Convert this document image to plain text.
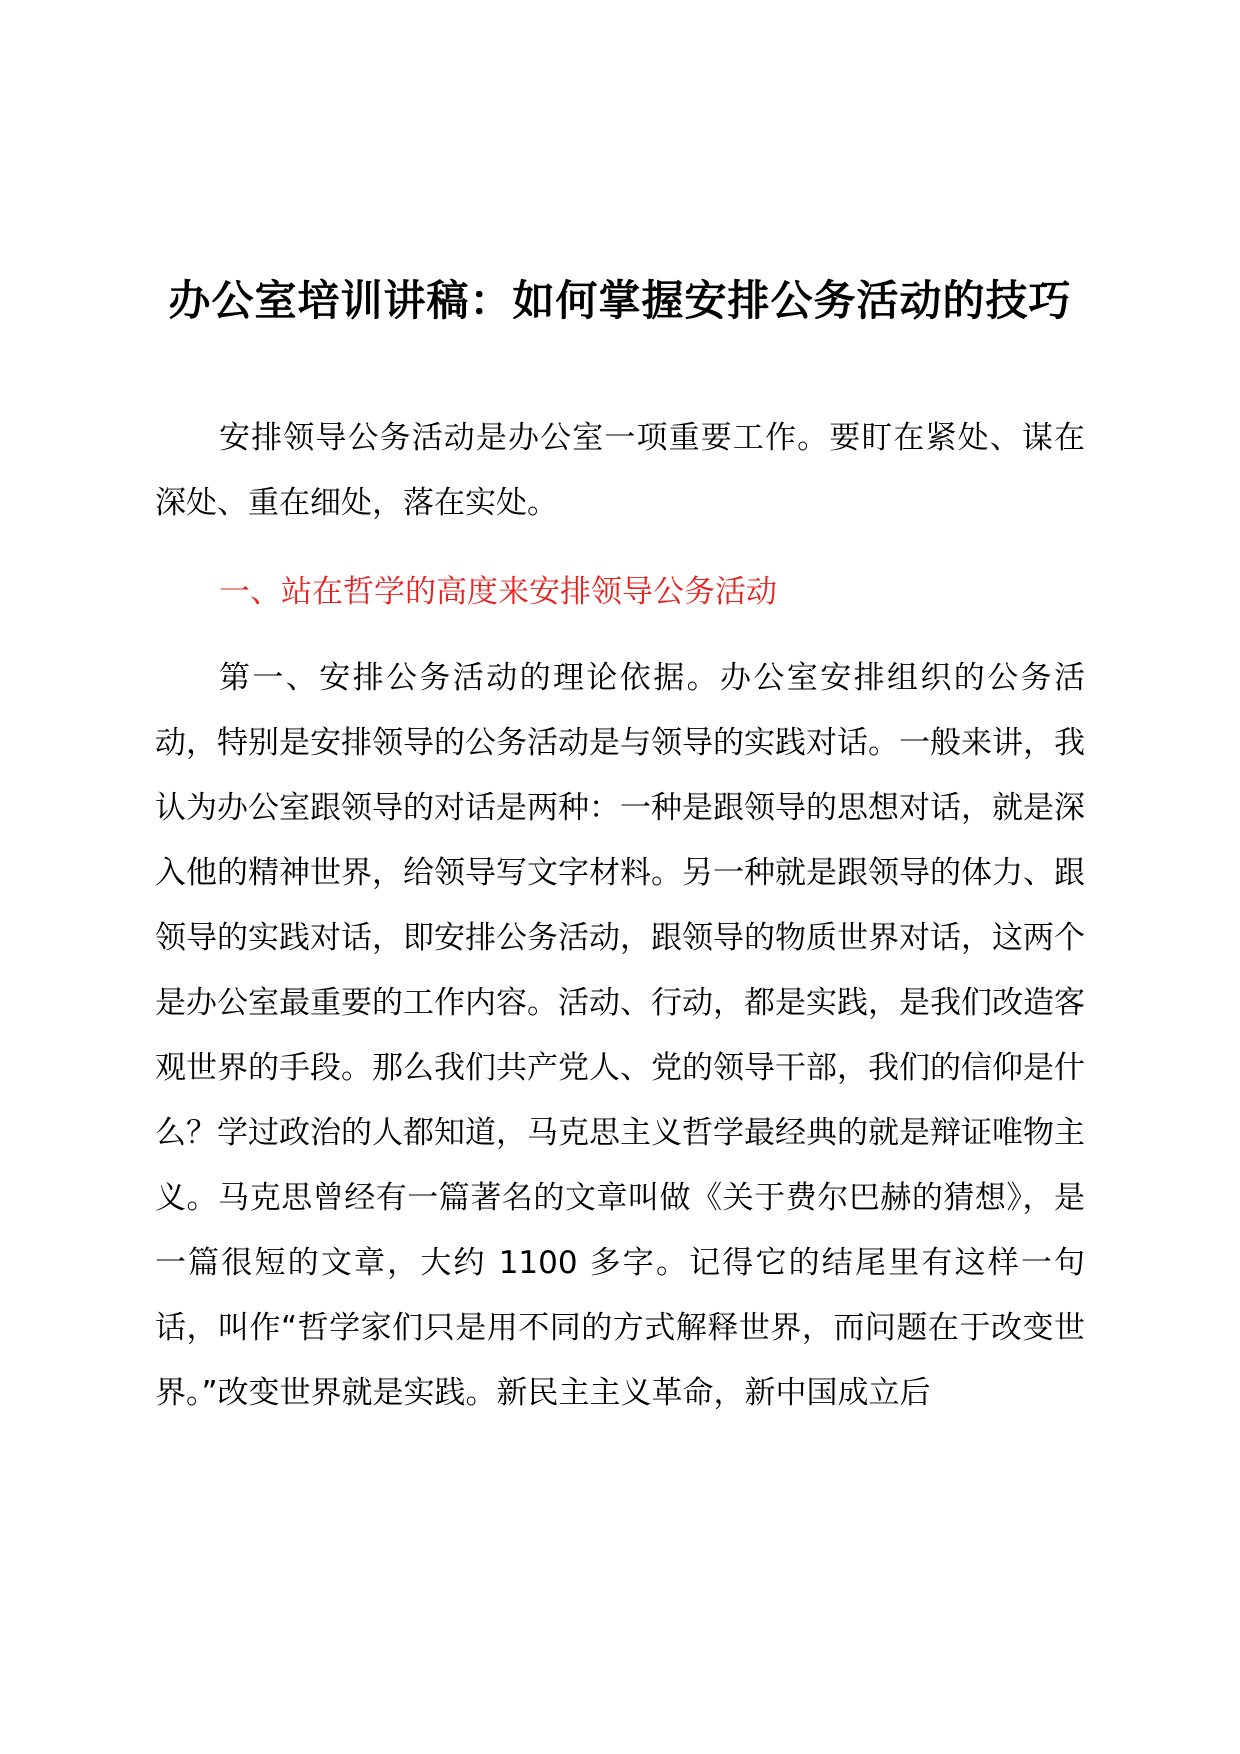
办公室培训讲稿：如何掌握安排公务活动的技巧

安排领导公务活动是办公室一项重要工作。要盯在紧处、谋在深处、重在细处，落在实处。

一、站在哲学的高度来安排领导公务活动

第一、安排公务活动的理论依据。办公室安排组织的公务活动，特别是安排领导的公务活动是与领导的实践对话。一般来讲，我认为办公室跟领导的对话是两种：一种是跟领导的思想对话，就是深入他的精神世界，给领导写文字材料。另一种就是跟领导的体力、跟领导的实践对话，即安排公务活动，跟领导的物质世界对话，这两个是办公室最重要的工作内容。活动、行动，都是实践，是我们改造客观世界的手段。那么我们共产党人、党的领导干部，我们的信仰是什么？学过政治的人都知道，马克思主义哲学最经典的就是辩证唯物主义。马克思曾经有一篇著名的文章叫做《关于费尔巴赫的猜想》，是一篇很短的文章，大约 1100 多字。记得它的结尾里有这样一句话，叫作“哲学家们只是用不同的方式解释世界，而问题在于改变世界。”改变世界就是实践。新民主主义革命，新中国成立后
